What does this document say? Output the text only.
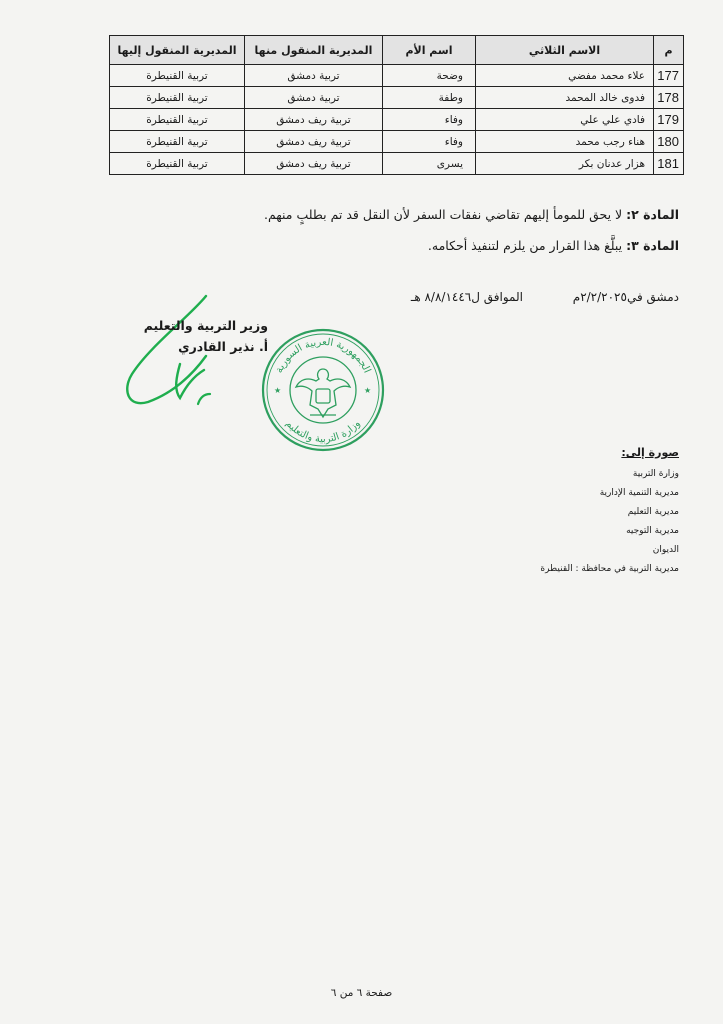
م	الاسم الثلاثي	اسم الأم	المديرية المنقول منها	المديرية المنقول إليها
177	علاء محمد مفضي	وضحة	تربية دمشق	تربية القنيطرة
178	فدوى خالد المحمد	وطفة	تربية دمشق	تربية القنيطرة
179	فادي علي علي	وفاء	تربية ريف دمشق	تربية القنيطرة
180	هناء رجب محمد	وفاء	تربية ريف دمشق	تربية القنيطرة
181	هزار عدنان بكر	يسرى	تربية ريف دمشق	تربية القنيطرة
المادة ٢: لا يحق للمومأ إليهم تقاضي نفقات السفر لأن النقل قد تم بطلبٍ منهم.
المادة ٣: يبلَّغ هذا القرار من يلزم لتنفيذ أحكامه.
دمشق في٢/٢/٢٠٢٥م
الموافق ل٨/٨/١٤٤٦ هـ
وزير التربية والتعليم
أ. نذير القادري
الجمهورية العربية السورية
وزارة التربية والتعليم
★	★
صورة إلى:
وزارة التربية
مديرية التنمية الإدارية
مديرية التعليم
مديرية التوجيه
الديوان
مديرية التربية في محافظة : القنيطرة
صفحة ٦ من ٦
